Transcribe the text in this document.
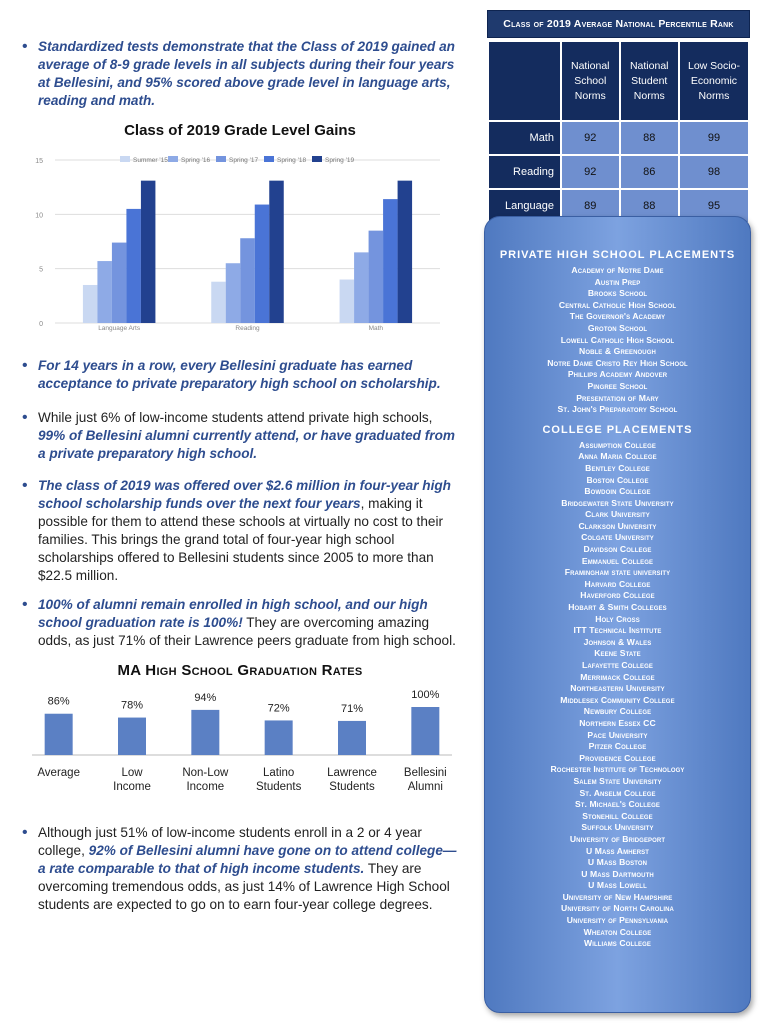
• Standardized tests demonstrate that the Class of 2019 gained an average of 8-9 grade levels in all subjects during their four years at Bellesini, and 95% scored above grade level in language arts, reading and math.
• For 14 years in a row, every Bellesini graduate has earned acceptance to private preparatory high school on scholarship.
• While just 6% of low-income students attend private high schools, 99% of Bellesini alumni currently attend, or have graduated from a private preparatory high school.
• The class of 2019 was offered over $2.6 million in four-year high school scholarship funds over the next four years, making it possible for them to attend these schools at virtually no cost to their families. This brings the grand total of four-year high school scholarships offered to Bellesini students since 2005 to more than $22.5 million.
• 100% of alumni remain enrolled in high school, and our high school graduation rate is 100%! They are overcoming amazing odds, as just 71% of their Lawrence peers graduate from high school.
• Although just 51% of low-income students enroll in a 2 or 4 year college, 92% of Bellesini alumni have gone on to attend college—a rate comparable to that of high income students. They are overcoming tremendous odds, as just 14% of Lawrence High School students are expected to go on to earn four-year college degrees.
Class of 2019 Grade Level Gains
0
5
10
15	Summer '15 Spring '16	Spring '17	Spring '18	Spring '19
Language Arts	Reading	Math
MA High School Graduation Rates
86%
Average
78%
Low Income
94%
Non-Low Income
72%
Latino Students
71%
Lawrence Students
100%
Bellesini Alumni
Class of 2019 Average National Percentile Rank
	National School Norms	National Student Norms	Low Socio-Economic Norms
Math	92	88	99
Reading	92	86	98
Language	89	88	95
PRIVATE HIGH SCHOOL PLACEMENTS
Academy of Notre Dame
Austin Prep
Brooks School
Central Catholic High School
The Governor's Academy
Groton School
Lowell Catholic High School
Noble & Greenough
Notre Dame Cristo Rey High School
Phillips Academy Andover
Pingree School
Presentation of Mary
St. John's Preparatory School
COLLEGE PLACEMENTS
Assumption College
Anna Maria College
Bentley College
Boston College
Bowdoin College
Bridgewater State University
Clark University
Clarkson University
Colgate University
Davidson College
Emmanuel College
Framingham state university
Harvard College
Haverford College
Hobart & Smith Colleges
Holy Cross
ITT Technical Institute
Johnson & Wales
Keene State
Lafayette College
Merrimack College
Northeastern University
Middlesex Community College
Newbury College
Northern Essex CC
Pace University
Pitzer College
Providence College
Rochester Institute of Technology
Salem State University
St. Anselm College
St. Michael's College
Stonehill College
Suffolk University
University of Bridgeport
U Mass Amherst
U Mass Boston
U Mass Dartmouth
U Mass Lowell
University of New Hampshire
University of North Carolina
University of Pennsylvania
Wheaton College
Williams College
